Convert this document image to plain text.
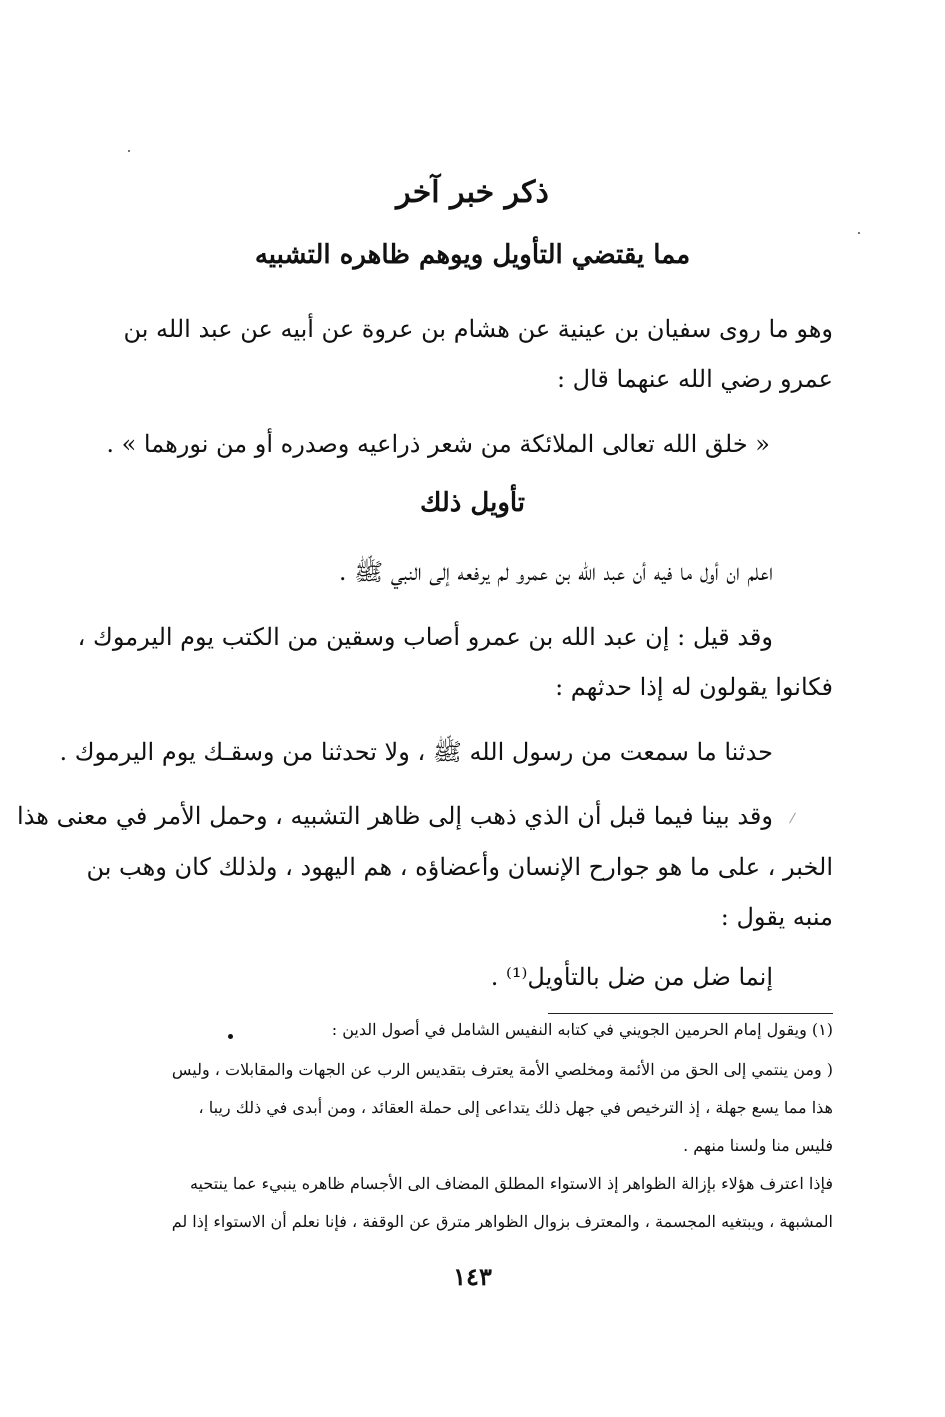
ذكر خبر آخر
مما يقتضي التأويل ويوهم ظاهره التشبيه
وهو ما روى سفيان بن عينية عن هشام بن عروة عن أبيه عن عبد الله بن
عمرو رضي الله عنهما قال :
« خلق الله تعالى الملائكة من شعر ذراعيه وصدره أو من نورهما » .
تأويل ذلك
اعلم ان أول ما فيه أن عبد الله بن عمرو لم يرفعه إلى النبي ﷺ .
وقد قيل : إن عبد الله بن عمرو أصاب وسقين من الكتب يوم اليرموك ،
فكانوا يقولون له إذا حدثهم :
حدثنا ما سمعت من رسول الله ﷺ ، ولا تحدثنا من وسقـك يوم اليرموك .
وقد بينا فيما قبل أن الذي ذهب إلى ظاهر التشبيه ، وحمل الأمر في معنى هذا
الخبر ، على ما هو جوارح الإنسان وأعضاؤه ، هم اليهود ، ولذلك كان وهب بن
منبه يقول :
إنما ضل من ضل بالتأويل⁽¹⁾ .
(١) ويقول إمام الحرمين الجويني في كتابه النفيس الشامل في أصول الدين :
( ومن ينتمي إلى الحق من الأئمة ومخلصي الأمة يعترف بتقديس الرب عن الجهات والمقابلات ، وليس
هذا مما يسع جهلة ، إذ الترخيص في جهل ذلك يتداعى إلى حملة العقائد ، ومن أبدى في ذلك ريبا ،
فليس منا ولسنا منهم .
فإذا اعترف هؤلاء بإزالة الظواهر إذ الاستواء المطلق المضاف الى الأجسام ظاهره ينبيء عما ينتحيه
المشبهة ، ويبتغيه المجسمة ، والمعترف بزوال الظواهر مترق عن الوقفة ، فإنا نعلم أن الاستواء إذا لم
١٤٣
